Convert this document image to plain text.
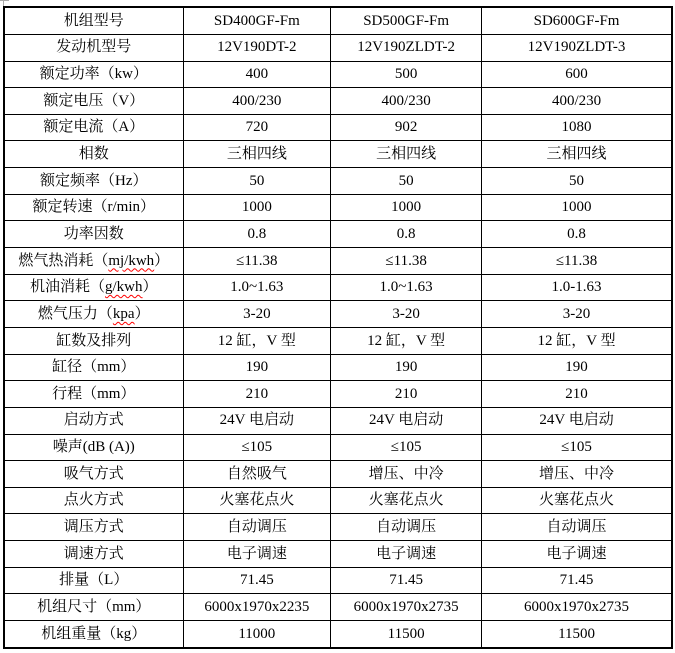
机组型号	SD400GF-Fm	SD500GF-Fm	SD600GF-Fm
发动机型号	12V190DT-2	12V190ZLDT-2	12V190ZLDT-3
额定功率（kw）	400	500	600
额定电压（V）	400/230	400/230	400/230
额定电流（A）	720	902	1080
相数	三相四线	三相四线	三相四线
额定频率（Hz）	50	50	50
额定转速（r/min）	1000	1000	1000
功率因数	0.8	0.8	0.8
燃气热消耗（mj/kwh）	≤11.38	≤11.38	≤11.38
机油消耗（g/kwh）	1.0~1.63	1.0~1.63	1.0-1.63
燃气压力（kpa）	3-20	3-20	3-20
缸数及排列	12 缸，V 型	12 缸，V 型	12 缸，V 型
缸径（mm）	190	190	190
行程（mm）	210	210	210
启动方式	24V 电启动	24V 电启动	24V 电启动
噪声(dB (A))	≤105	≤105	≤105
吸气方式	自然吸气	增压、中冷	增压、中冷
点火方式	火塞花点火	火塞花点火	火塞花点火
调压方式	自动调压	自动调压	自动调压
调速方式	电子调速	电子调速	电子调速
排量（L）	71.45	71.45	71.45
机组尺寸（mm）	6000x1970x2235	6000x1970x2735	6000x1970x2735
机组重量（kg）	11000	11500	11500
